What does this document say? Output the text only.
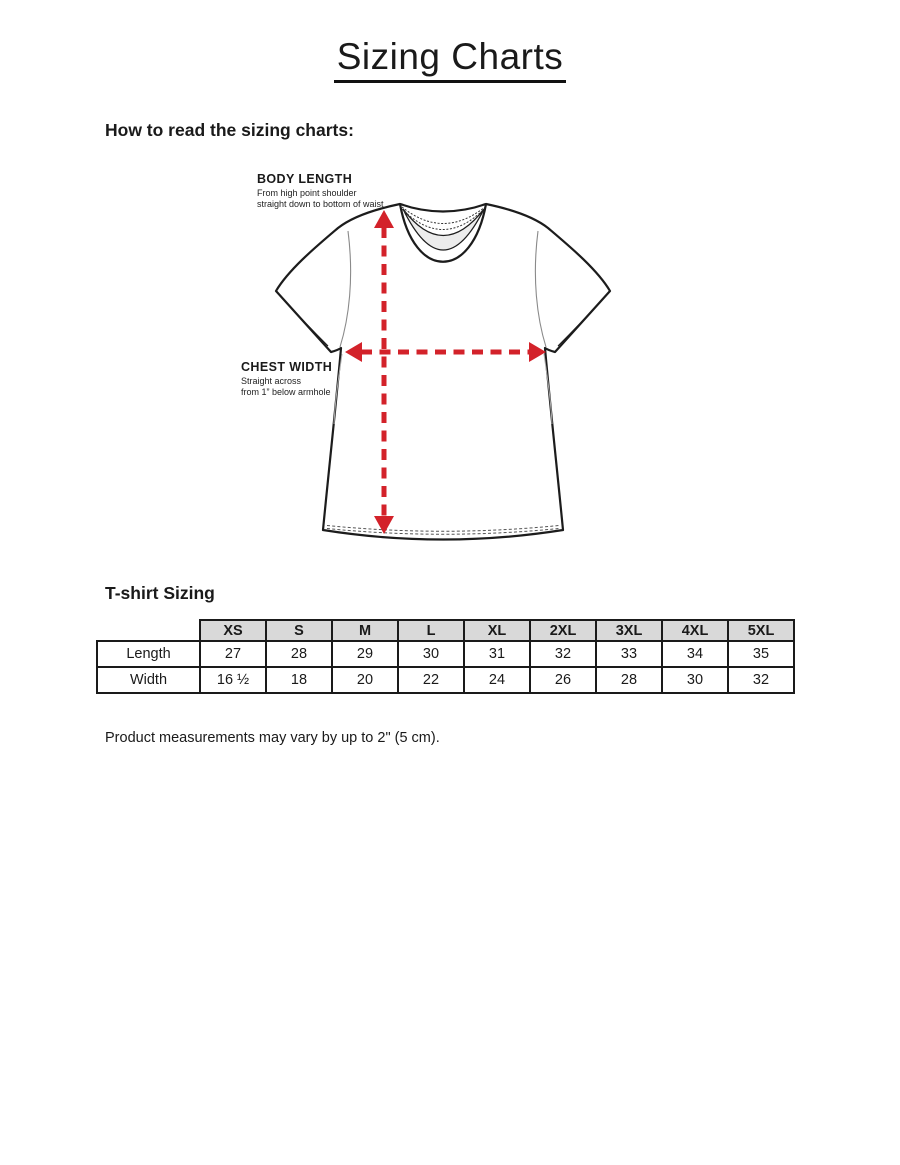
Sizing Charts
How to read the sizing charts:
BODY LENGTH
From high point shoulder
straight down to bottom of waist
CHEST WIDTH
Straight across
from 1” below armhole
T-shirt Sizing
	XS	S	M	L	XL	2XL	3XL	4XL	5XL
Length	27	28	29	30	31	32	33	34	35
Width	16 ½	18	20	22	24	26	28	30	32
Product measurements may vary by up to 2" (5 cm).
